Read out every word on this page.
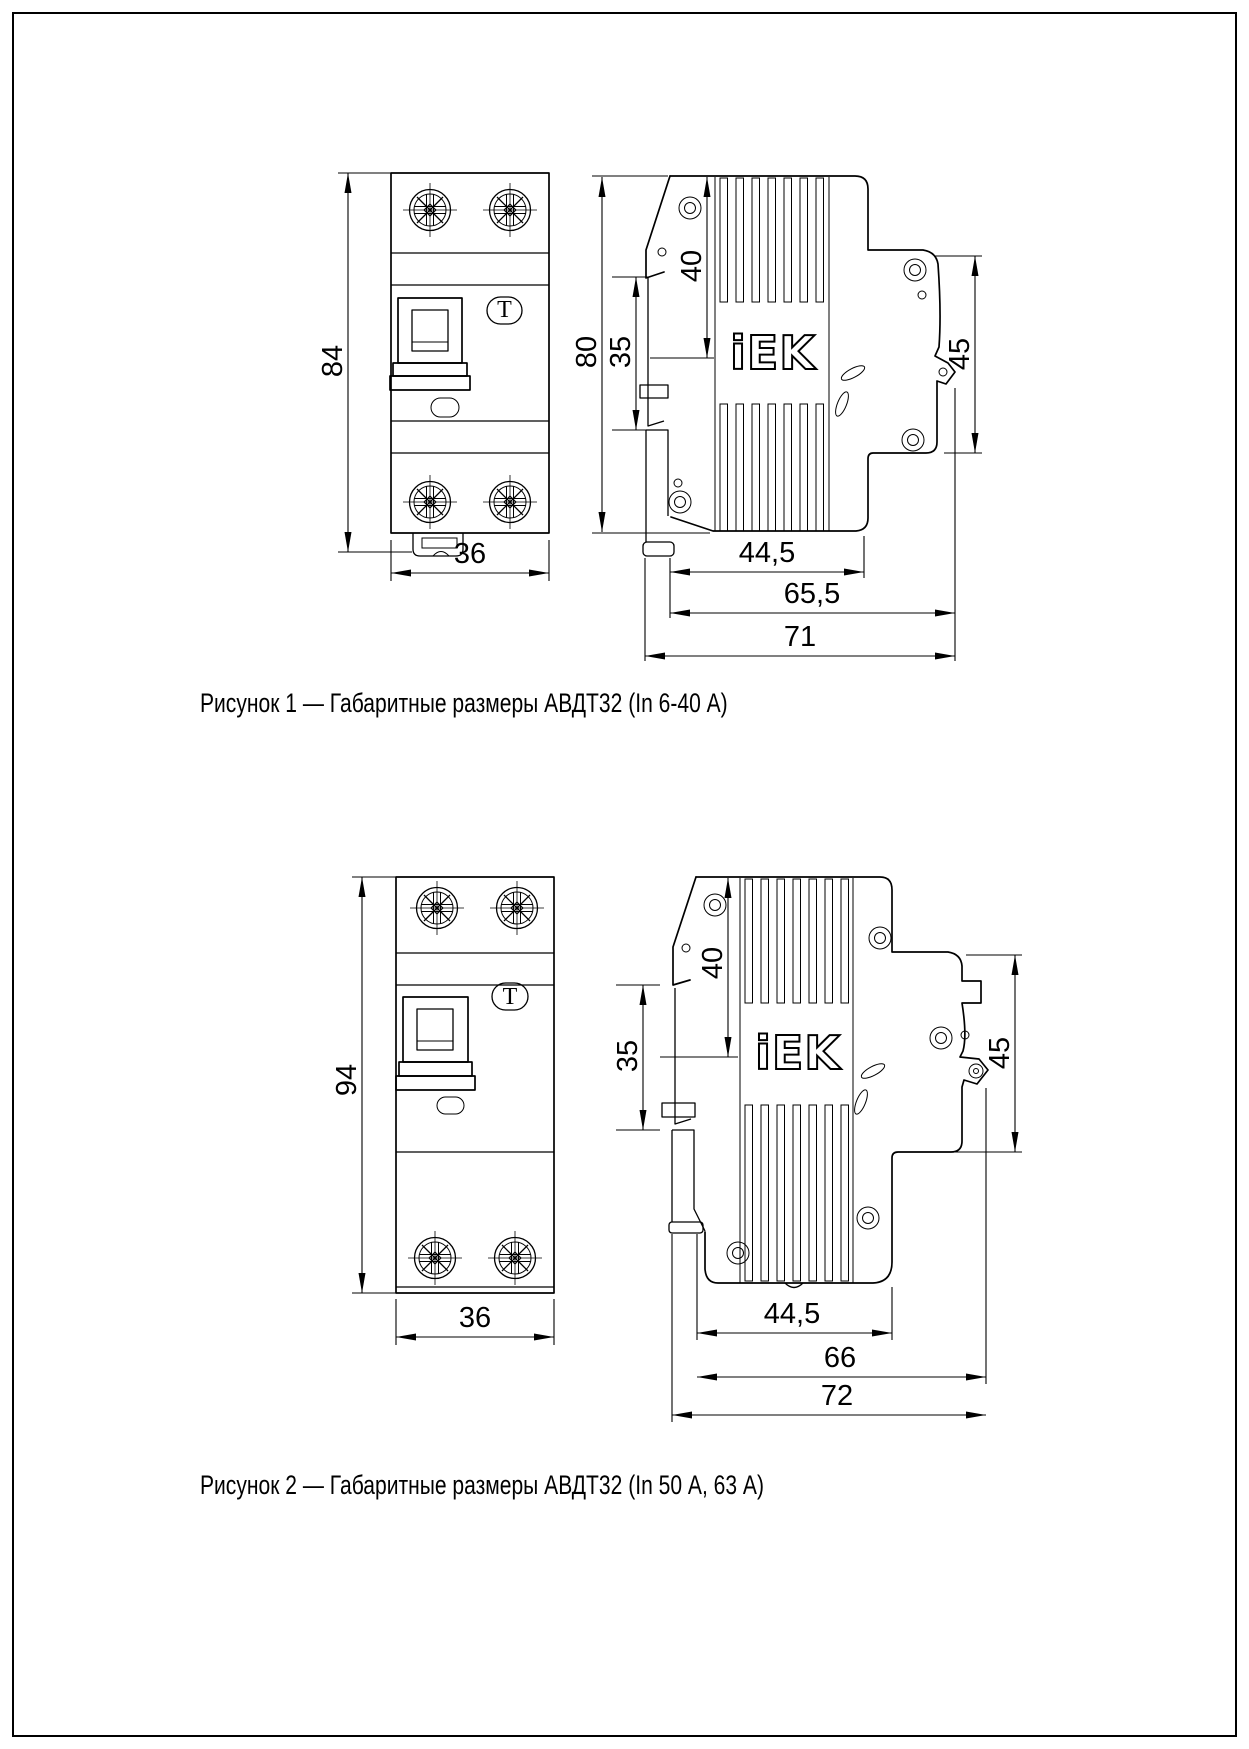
T
84
36
iEK
80 35
40
45
44,5
65,5
71
T
94
36
iEK
40
35	45
44,5
66
72
Рисунок 1 — Габаритные размеры АВДТ32 (In 6-40 А)
Рисунок 2 — Габаритные размеры АВДТ32 (In 50 А, 63 А)
